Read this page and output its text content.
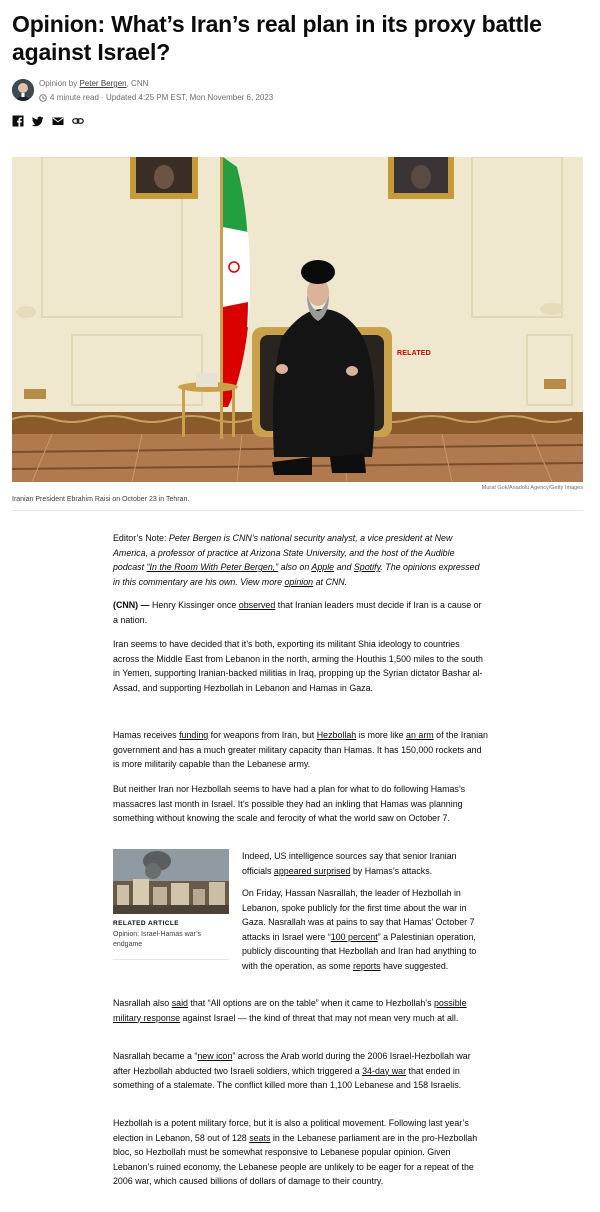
Opinion: What’s Iran’s real plan in its proxy battle against Israel?
Opinion by Peter Bergen, CNN
4 minute read · Updated 4:25 PM EST, Mon November 6, 2023
RELATED
Murat Gok/Anadolu Agency/Getty Images
Iranian President Ebrahim Raisi on October 23 in Tehran.

Editor’s Note: Peter Bergen is CNN’s national security analyst, a vice president at New America, a professor of practice at Arizona State University, and the host of the Audible podcast “In the Room With Peter Bergen,” also on Apple and Spotify. The opinions expressed in this commentary are his own. View more opinion at CNN.

(CNN) — Henry Kissinger once observed that Iranian leaders must decide if Iran is a cause or a nation.

Iran seems to have decided that it’s both, exporting its militant Shia ideology to countries across the Middle East from Lebanon in the north, arming the Houthis 1,500 miles to the south in Yemen, supporting Iranian-backed militias in Iraq, propping up the Syrian dictator Bashar al-Assad, and supporting Hezbollah in Lebanon and Hamas in Gaza.

Hamas receives funding for weapons from Iran, but Hezbollah is more like an arm of the Iranian government and has a much greater military capacity than Hamas. It has 150,000 rockets and is more militarily capable than the Lebanese army.

But neither Iran nor Hezbollah seems to have had a plan for what to do following Hamas’s massacres last month in Israel. It’s possible they had an inkling that Hamas was planning something without knowing the scale and ferocity of what the world saw on October 7.

RELATED ARTICLE
Opinion: Israel-Hamas war’s endgame

Indeed, US intelligence sources say that senior Iranian officials appeared surprised by Hamas’s attacks.

On Friday, Hassan Nasrallah, the leader of Hezbollah in Lebanon, spoke publicly for the first time about the war in Gaza. Nasrallah was at pains to say that Hamas’ October 7 attacks in Israel were “100 percent” a Palestinian operation, publicly discounting that Hezbollah and Iran had anything to with the operation, as some reports have suggested.

Nasrallah also said that “All options are on the table” when it came to Hezbollah’s possible military response against Israel — the kind of threat that may not mean very much at all.

Nasrallah became a “new icon” across the Arab world during the 2006 Israel-Hezbollah war after Hezbollah abducted two Israeli soldiers, which triggered a 34-day war that ended in something of a stalemate. The conflict killed more than 1,100 Lebanese and 158 Israelis.

Hezbollah is a potent military force, but it is also a political movement. Following last year’s election in Lebanon, 58 out of 128 seats in the Lebanese parliament are in the pro-Hezbollah bloc, so Hezbollah must be somewhat responsive to Lebanese popular opinion. Given Lebanon’s ruined economy, the Lebanese people are unlikely to be eager for a repeat of the 2006 war, which caused billions of dollars of damage to their country.
